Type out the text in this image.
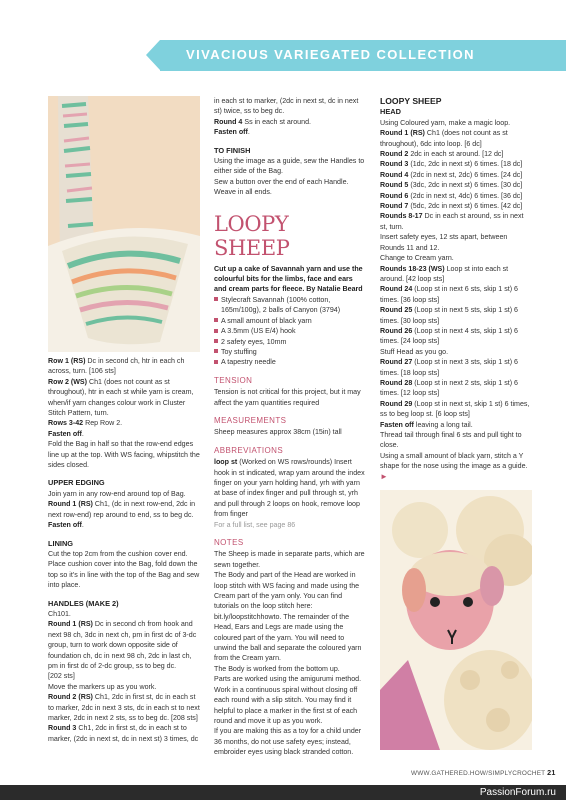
VIVACIOUS VARIEGATED COLLECTION

Row 1 (RS) Dc in second ch, htr in each ch across, turn. [106 sts]

Row 2 (WS) Ch1 (does not count as st throughout), htr in each st while yarn is cream, when/if yarn changes colour work in Cluster Stitch Pattern, turn.

Rows 3-42 Rep Row 2.

Fasten off.

Fold the Bag in half so that the row-end edges line up at the top. With WS facing, whipstitch the sides closed.

UPPER EDGING

Join yarn in any row-end around top of Bag.

Round 1 (RS) Ch1, (dc in next row-end, 2dc in next row-end) rep around to end, ss to beg dc.

Fasten off.

LINING

Cut the top 2cm from the cushion cover end. Place cushion cover into the Bag, fold down the top so it's in line with the top of the Bag and sew into place.

HANDLES (MAKE 2)

Ch101.

Round 1 (RS) Dc in second ch from hook and next 98 ch, 3dc in next ch, pm in first dc of 3-dc group, turn to work down opposite side of foundation ch, dc in next 98 ch, 2dc in last ch, pm in first dc of 2-dc group, ss to beg dc.

[202 sts]

Move the markers up as you work.

Round 2 (RS) Ch1, 2dc in first st, dc in each st to marker, 2dc in next 3 sts, dc in each st to next marker, 2dc in next 2 sts, ss to beg dc. [208 sts]

Round 3 Ch1, 2dc in first st, dc in each st to marker, (2dc in next st, dc in next st) 3 times, dc

in each st to marker, (2dc in next st, dc in next st) twice, ss to beg dc.

Round 4 Ss in each st around.

Fasten off.

TO FINISH

Using the image as a guide, sew the Handles to either side of the Bag.

Sew a button over the end of each Handle.

Weave in all ends.

LOOPY SHEEP

Cut up a cake of Savannah yarn and use the colourful bits for the limbs, face and ears and cream parts for fleece. By Natalie Beard

Stylecraft Savannah (100% cotton, 165m/100g), 2 balls of Canyon (3794)
A small amount of black yarn
A 3.5mm (US E/4) hook
2 safety eyes, 10mm
Toy stuffing
A tapestry needle

TENSION

Tension is not critical for this project, but it may affect the yarn quantities required

MEASUREMENTS

Sheep measures approx 38cm (15in) tall

ABBREVIATIONS

loop st (Worked on WS rows/rounds) Insert hook in st indicated, wrap yarn around the index finger on your yarn holding hand, yrh with yarn at base of index finger and pull through st, yrh and pull through 2 loops on hook, remove loop from finger

For a full list, see page 86

NOTES

The Sheep is made in separate parts, which are sewn together.

The Body and part of the Head are worked in loop stitch with WS facing and made using the Cream part of the yarn only. You can find tutorials on the loop stitch here: bit.ly/loopstitchhowto. The remainder of the Head, Ears and Legs are made using the coloured part of the yarn. You will need to unwind the ball and separate the coloured yarn from the Cream yarn.

The Body is worked from the bottom up.

Parts are worked using the amigurumi method. Work in a continuous spiral without closing off each round with a slip stitch. You may find it helpful to place a marker in the first st of each round and move it up as you work.

If you are making this as a toy for a child under 36 months, do not use safety eyes; instead, embroider eyes using black stranded cotton.

LOOPY SHEEP

HEAD

Using Coloured yarn, make a magic loop.

Round 1 (RS) Ch1 (does not count as st throughout), 6dc into loop. [6 dc]

Round 2 2dc in each st around. [12 dc]

Round 3 (1dc, 2dc in next st) 6 times. [18 dc]

Round 4 (2dc in next st, 2dc) 6 times. [24 dc]

Round 5 (3dc, 2dc in next st) 6 times. [30 dc]

Round 6 (2dc in next st, 4dc) 6 times. [36 dc]

Round 7 (5dc, 2dc in next st) 6 times. [42 dc]

Rounds 8-17 Dc in each st around, ss in next st, turn.

Insert safety eyes, 12 sts apart, between Rounds 11 and 12.

Change to Cream yarn.

Rounds 18-23 (WS) Loop st into each st around. [42 loop sts]

Round 24 (Loop st in next 6 sts, skip 1 st) 6 times. [36 loop sts]

Round 25 (Loop st in next 5 sts, skip 1 st) 6 times. [30 loop sts]

Round 26 (Loop st in next 4 sts, skip 1 st) 6 times. [24 loop sts]

Stuff Head as you go.

Round 27 (Loop st in next 3 sts, skip 1 st) 6 times. [18 loop sts]

Round 28 (Loop st in next 2 sts, skip 1 st) 6 times. [12 loop sts]

Round 29 (Loop st in next st, skip 1 st) 6 times, ss to beg loop st. [6 loop sts]

Fasten off leaving a long tail.

Thread tail through final 6 sts and pull tight to close.

Using a small amount of black yarn, stitch a Y shape for the nose using the image as a guide. ►

WWW.GATHERED.HOW/SIMPLYCROCHET 21
PassionForum.ru
